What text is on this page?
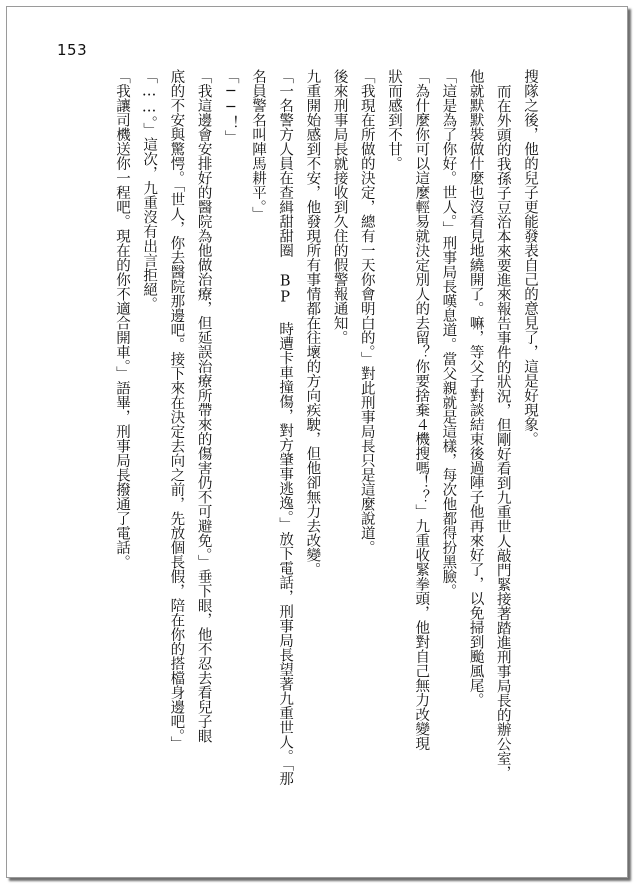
153
搜隊之後，他的兒子更能發表自己的意見了，這是好現象。
而在外頭的我孫子豆治本來要進來報告事件的狀況，但剛好看到九重世人敲門緊接著踏進刑事局長的辦公室，
他就默默裝做什麼也沒看見地繞開了。嘛，等父子對談結束後過陣子他再來好了，以免掃到颱風尾。
「這是為了你好。世人。」刑事局長嘆息道。當父親就是這樣，每次他都得扮黑臉。
「為什麼你可以這麼輕易就決定別人的去留？你要捨棄４機搜嗎！？」九重收緊拳頭，他對自己無力改變現
狀而感到不甘。
「我現在所做的決定，總有一天你會明白的。」對此刑事局長只是這麼說道。
後來刑事局長就接收到久住的假警報通知。
九重開始感到不安，他發現所有事情都在往壞的方向疾駛，但他卻無力去改變。
「一名警方人員在查緝甜甜圈 BP 時遭卡車撞傷，對方肇事逃逸。」放下電話，刑事局長望著九重世人。「那
名員警名叫陣馬耕平。」
「──！」
「我這邊會安排好的醫院為他做治療，但延誤治療所帶來的傷害仍不可避免。」垂下眼，他不忍去看兒子眼
底的不安與驚愕。「世人，你去醫院那邊吧。接下來在決定去向之前，先放個長假，陪在你的搭檔身邊吧。」
「……。」這次，九重沒有出言拒絕。
「我讓司機送你一程吧。現在的你不適合開車。」語畢，刑事局長撥通了電話。
